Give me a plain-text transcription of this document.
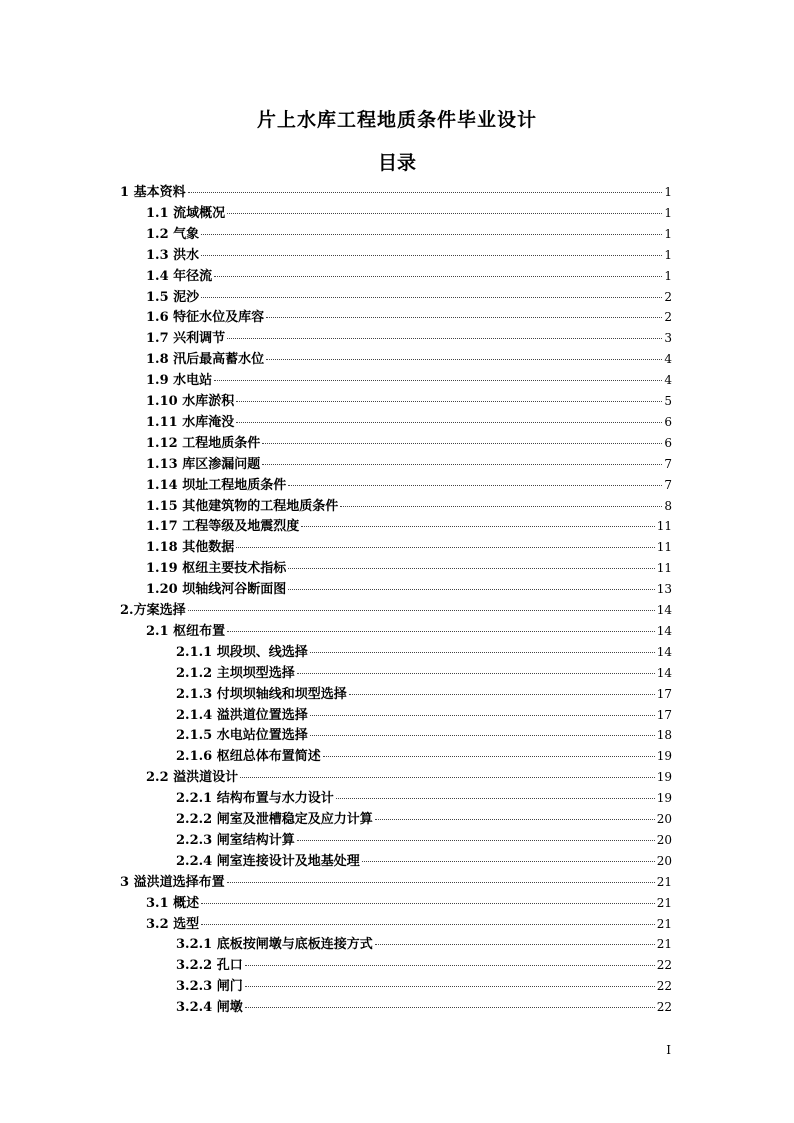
片上水库工程地质条件毕业设计
目录
1 基本资料	1
1.1 流域概况	1
1.2 气象	1
1.3 洪水	1
1.4 年径流	1
1.5 泥沙	2
1.6 特征水位及库容	2
1.7 兴利调节	3
1.8 汛后最高蓄水位	4
1.9 水电站	4
1.10 水库淤积	5
1.11 水库淹没	6
1.12 工程地质条件	6
1.13 库区渗漏问题	7
1.14 坝址工程地质条件	7
1.15 其他建筑物的工程地质条件	8
1.17 工程等级及地震烈度	11
1.18 其他数据	11
1.19 枢纽主要技术指标	11
1.20 坝轴线河谷断面图	13
2.方案选择	14
2.1 枢纽布置	14
2.1.1 坝段坝、线选择	14
2.1.2 主坝坝型选择	14
2.1.3 付坝坝轴线和坝型选择	17
2.1.4 溢洪道位置选择	17
2.1.5 水电站位置选择	18
2.1.6 枢纽总体布置简述	19
2.2 溢洪道设计	19
2.2.1 结构布置与水力设计	19
2.2.2 闸室及泄槽稳定及应力计算	20
2.2.3 闸室结构计算	20
2.2.4 闸室连接设计及地基处理	20
3 溢洪道选择布置	21
3.1 概述	21
3.2 选型	21
3.2.1 底板按闸墩与底板连接方式	21
3.2.2 孔口	22
3.2.3 闸门	22
3.2.4 闸墩	22
I
